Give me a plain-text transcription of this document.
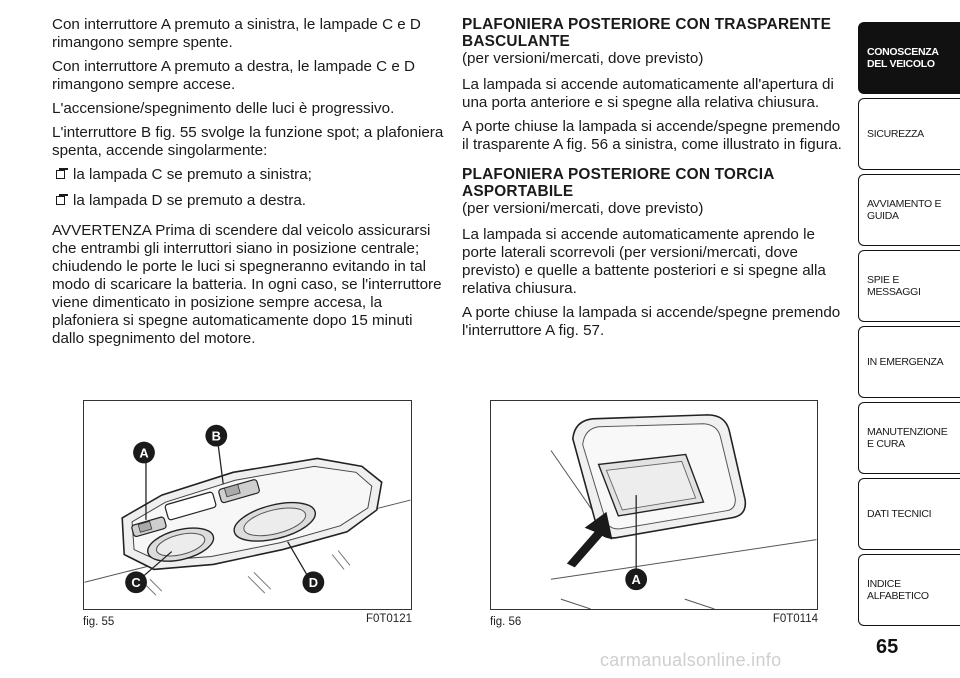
Con interruttore A premuto a sinistra, le lampade C e D rimangono sempre spente.

Con interruttore A premuto a destra, le lampade C e D rimangono sempre accese.

L'accensione/spegnimento delle luci è progressivo.

L'interruttore B fig. 55 svolge la funzione spot; a plafoniera spenta, accende singolarmente:

la lampada C se premuto a sinistra;
la lampada D se premuto a destra.

AVVERTENZA Prima di scendere dal veicolo assicurarsi che entrambi gli interruttori siano in posizione centrale; chiudendo le porte le luci si spegneranno evitando in tal modo di scaricare la batteria. In ogni caso, se l'interruttore viene dimenticato in posizione sempre accesa, la plafoniera si spegne automaticamente dopo 15 minuti dallo spegnimento del motore.

PLAFONIERA POSTERIORE CON TRASPARENTE BASCULANTE

(per versioni/mercati, dove previsto)

La lampada si accende automaticamente all'apertura di una porta anteriore e si spegne alla relativa chiusura.

A porte chiuse la lampada si accende/spegne premendo il trasparente A fig. 56 a sinistra, come illustrato in figura.

PLAFONIERA POSTERIORE CON TORCIA ASPORTABILE

(per versioni/mercati, dove previsto)

La lampada si accende automaticamente aprendo le porte laterali scorrevoli (per versioni/mercati, dove previsto) e quelle a battente posteriori e si spegne alla relativa chiusura.

A porte chiuse la lampada si accende/spegne premendo l'interruttore A fig. 57.

A
B
C	D
fig. 55	F0T0121
A
fig. 56	F0T0114
CONOSCENZA DEL VEICOLO
SICUREZZA
AVVIAMENTO E GUIDA
SPIE E MESSAGGI
IN EMERGENZA
MANUTENZIONE E CURA
DATI TECNICI
INDICE ALFABETICO
65
carmanualsonline.info
